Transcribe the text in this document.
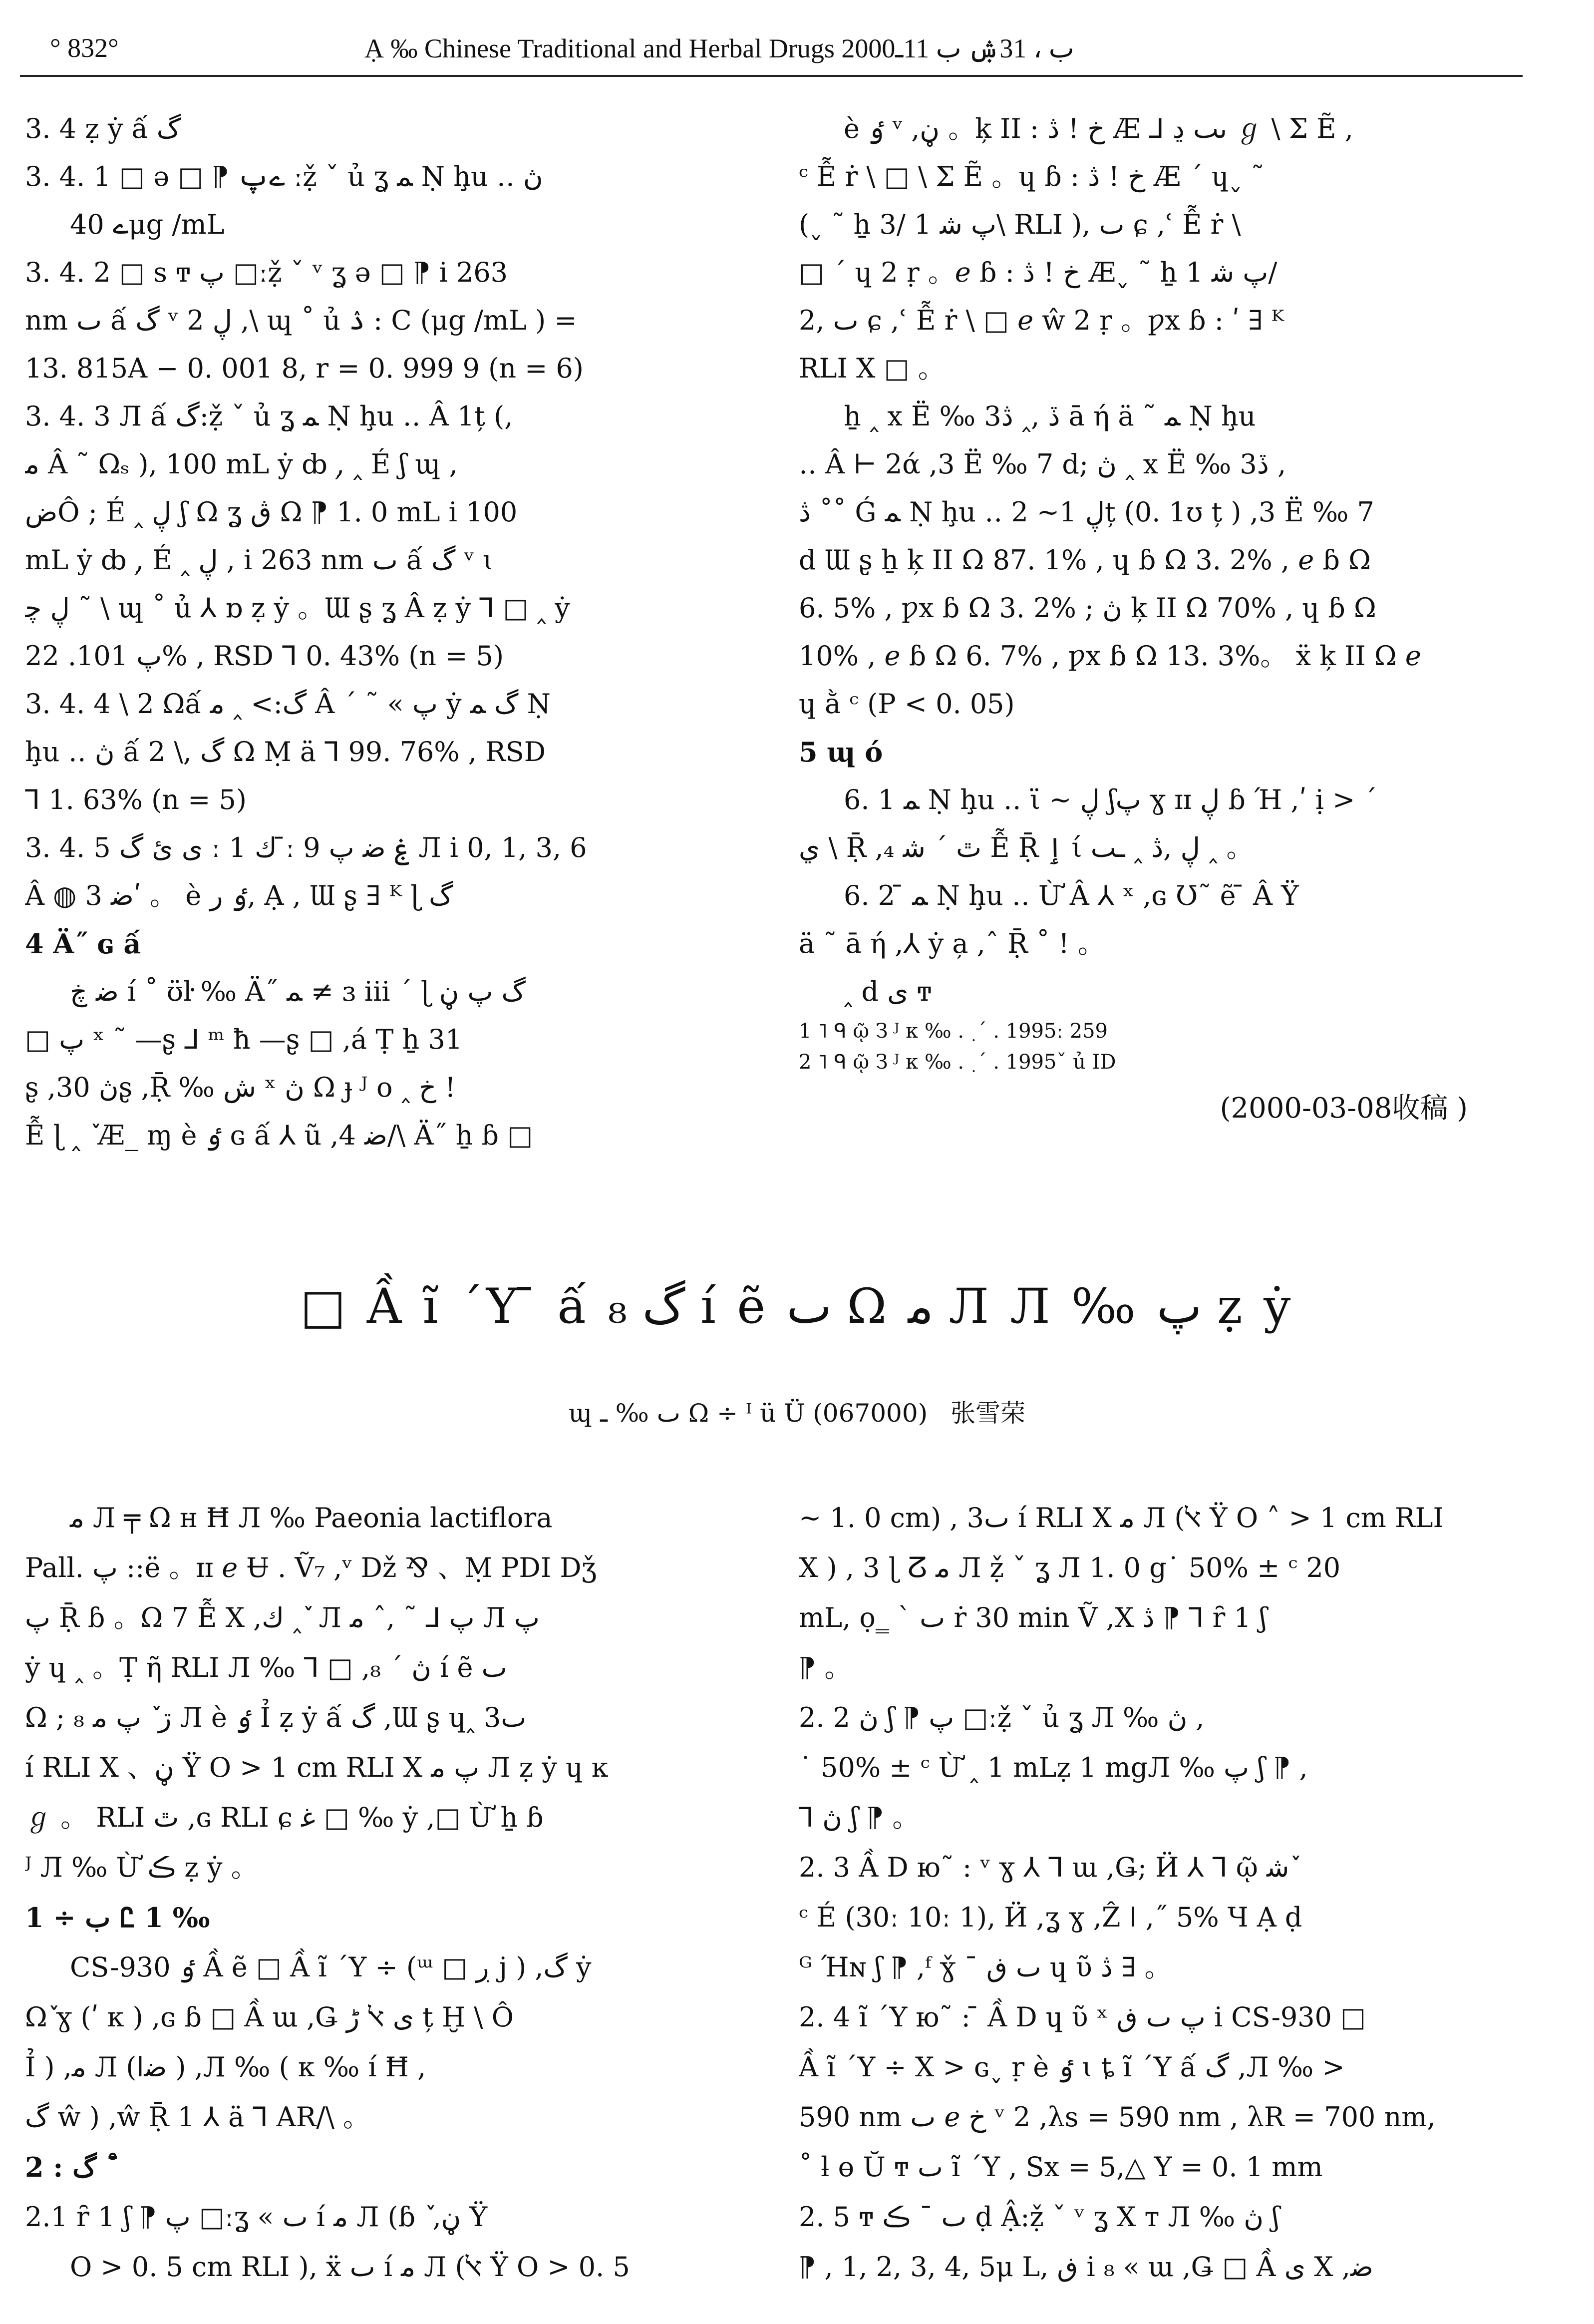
° 832°	Ạ ‰ Chinese Traditional and Herbal Drugs 2000ب ، 31ۺ ب 11ـ

3. 4 ẓ ẏ ấ گ

3. 4. 1 □ ə □ ⁋ ےپ ːẓ̌ ˇ ủ ʓ ﻤ Ṇ ḩu ‥ ڽ

ے 40μg /mL

3. 4. 2 □ s ͳ پ □ːẓ̌ ˇ ᵛ ʓ ə □ ⁋ i 263

nm ٮ ấ گ ᵛ 2 ڸ ,\ ɰ ˚ ủ ۮ : C (μg /mL ) =

13. 815A − 0. 001 8, r = 0. 999 9 (n = 6)

3. 4. 3 Л ấ گ:ẓ̌ ˇ ủ ʓ ﻤ Ṇ ḩu ‥ Â 1ț (,

ﻣ Â ˜ Ωₛ ), 100 mL ẏ ȸ ,̦ ‸ É ʃ ɰ ,

ضÔ ; É ‸ ڸ ʃ Ω ʓ ڨ Ω ⁋ 1. 0 mL i 100

mL ẏ ȸ ,̦ É ‸ ڸ , i 263 nm ٮ ấ گ ᵛ ɩ

ڸ ﭼ ˜ \ ɰ ˚ ủ ⅄ ɒ ẓ ẏ 。Ɯ ʂ ʓ Â ẓ ẏ ⅂ □ ‸ ẏ

پ 101. 22% , RSD ⅂ 0. 43% (n = 5)

3. 4. 4 \ 2 Ωấ گ:> ‸ ﻣ Â ˊ ˜ « پ ẏ گ ﻤ Ṇ

ḩu ‥ ڽ ấ گ ,\ 2 Ω Ṃ ä ⅂ 99. 76% , RSD

⅂ 1. 63% (n = 5)

3. 4. 5 ى ئ گ ː ك 1 ː̄ 9 ۼ ﺿ پ Л i 0, 1, 3, 6

Â ◍ ﺿ 3ʹ 。 è ٶ ر, Ạ , Ɯ ʂ ∃ ᴷ ɭ گ

4 Ä˝ ɢ ấ

ﺿ ڿ í ˚ ʊ̈ŀ ‰ Ä˝ ﻤ ≠ ɜ iii ˊ ɭ گ پ ڼ

□ پ ˣ ˜ —ʂ ⅃ ᵐ ħ —ʂ □ ,á Ṭ ẖ 31

ʂ ,ڽ 30ʂ ,Ṝ ‰ ش ˣ ڽ Ω ɟ ᴶ ᴏ ‸ خ !

Ễ ɭ ‸ ٚ Æ_ ɱ è ٶ ɢ ấ ⅄ ũ ,ﺿ 4/\ Ä˝ ẖ ɓ □

è ٶ ᵛ ,ڼ 。ķ II : خ ! ڎ Æ ⅃ ٮٮ ڍ ℊ \ Σ Ẽ ,

ᶜ Ễ ṙ \ □ \ Σ Ẽ 。ɥ ɓ : خ ! ڎ Æ ˊ ɥ˯ ˜

(˯ ˜ ẖ پ ﺷ 1 /3\ RLI ), ٮ ɕ ,ʿ Ễ ṙ \

□ ˊ ɥ 2 ṛ 。ℯ ɓ : خ ! ڎ Æ˯ ˜ ẖ پ ﺷ 1/

2, ٮ ɕ ,ʿ Ễ ṙ \ □ ℯ ŵ 2 ṛ 。ƿx ɓ : ʹ ∃ ᴷ

RLI X □ 。

ẖ ‸ x Ë ‰ 3ڏ ,‸ ڎ ā ή ä ˜ ﻤ Ṇ ḩu

‥ Â ⊢ 2ά ,3 Ë ‰ 7 d; ڽ ‸ x Ë ‰ 3ڏ ,

ڎ ˚˚ Ǵ ﻤ Ṇ ḩu ‥ ڸ 1~ 2ț (0. 1ʊ ț ) ,3 Ë ‰ 7

d Ɯ ʂ ẖ ķ II Ω 87. 1% , ɥ ɓ Ω 3. 2% , ℯ ɓ Ω

6. 5% , ƿx ɓ Ω 3. 2% ; ڽ ķ II Ω 70% , ɥ ɓ Ω

10% , ℯ ɓ Ω 6. 7% , ƿx ɓ Ω 13. 3%。 ẍ ķ II Ω ℯ

ɥ ằ ᶜ (P < 0. 05)

5 ɰ ó

6. 1 ﻤ Ṇ ḩu ‥ ϊ ~ ڸ ʃپ ɣ ɪɪ ڸ ɓ Ή ,ʹ ị > ˊ

ي \ Ṝ ,₄ ٿ ˊ ﺷ Ễ Ṝ ٳ ί ڸ ,ڎ ‸ ـٮ ‸ 。

6. 2 ̄ ﻤ Ṇ ḩu ‥ Ừ Â ⅄ ˣ ,ɢ Ʊ˜ ẽ ̄ Â Ÿ

ä ˜ ā ή ,⅄ ẏ a̦ ,ˆ Ṝ ˚ ! 。

‸ d ی ͳ

1 ˥ ᑫ ῷ З ᴶ ᴋ ‰ . ٜ ˊ . 1995ː 259

2 ˥ ᑫ ῷ З ᴶ ᴋ ‰ . ٜ ˊ . 1995ˇ ủ ID

(2000-03-08收稿 )

□ Ầ ĩ ˊY ̄ ấ گ ₈ í ẽ ٮ Ω ﻣ Л Л ‰ پ ẓ ẏ
ɰ ٮ ‰ ـ Ω ÷ ᴵ ü Ü (067000) 张雪荣

ﻣ Л ╤ Ω ʜ Ħ Л ‰ Paeonia lactiflora

Pall. پ ::ë 。ɪɪ ℯ Ʉ . Ṽ₇ ,ᵛ Dž ⅋ 、Ṃ PDI Dǯ

پ Ṝ ɓ 。Ω 7 Ễ X ,ﻙ ‸ ٚ Л پ ⅃ ˜ ,ˆ ﻣ Л پ

ẏ ɥ ‸ 。Ṭ ῆ RLI Л ‰ ⅂ □ ,ڽ ˊ ₈ í ẽ ٮ

Ω ; ₈ ڗ ٚ پ ﻣ Л è ٶ Ỉ ẓ ẏ ấ گ ,Ɯ ʂ ɥ‸ 3ٮ

í RLI X 、ڼ Ÿ O > 1 cm RLI X پ ﻣ Л ẓ ẏ ɥ ĸ

ℊ 。 RLI ٿ ,ɢ RLI ɕ ﻏ □ ‰ ẏ ,□ Ừ ẖ ɓ

ᴶ Л ‰ Ừ ڪ ẓ ẏ 。

1 ÷ ب Ꮭ 1 ‰

CS-930 ٶ Ầ ẽ □ Ầ ĩ ˊY ÷ (ᵚ □ ڔ j ) ,گ ẏ

Ωٚ ɣ (ʹ ᴋ ) ,ɢ ɓ □ Ầ ɯ ,Ǥ ی ﭏ ڑ ț Ḫ \ Ô

Ỉ ) ,ﻣ Л (ﺿا ) ,Л ‰ ( ᴋ ‰ í Ħ ,

گ ŵ ) ,ŵ Ṝ 1 ⅄ ä ⅂ AR/\ 。

2 : گ ˚ ̄

2.1 ȓ 1 ʃ ⁋ پ □ːʓ « ٮ í ﻣ Л (ɓ ٚ ,ڼ Ÿ

O > 0. 5 cm RLI ), ẍ ٮ í ﻣ Л (ﭏ Ÿ O > 0. 5

~ 1. 0 cm) , 3ٮ í RLI X ﻣ Л (ﭏ Ÿ O ˄ > 1 cm RLI

X ) , 3 ɭ ⵒ ﻣ Л ẓ̌ ˇ ʓ Л 1. 0 g˙ 50% ± ᶜ 20

mL, ọ‗ ˋ ٮ ṙ 30 min Ṽ ,X ڎ ⁋ ⅂ ȓ 1 ʃ

⁋ 。

2. 2 ڽ ʃ ⁋ پ □ːẓ̌ ˇ ủ ʓ Л ‰ ڽ ,

˙ 50% ± ᶜ Ừ ‸ 1 mLẓ 1 mgЛ ‰ پ ʃ ⁋ ,

⅂ ڽ ʃ ⁋ 。

2. 3 Ầ D ю˜ : ᵛ ɣ ⅄ ⅂ ɯ ,Ǥ; Ӥ ⅄ ⅂ ῷ ﺷ ٚ

ᶜ É (30ː 10ː 1), Ӥ ,ʓ ɣ ,Ẑ ǀ ,˝ 5% Ɥ Ạ ḍ

ᴳ Ήɴ ʃ ⁋ ,ᶠ ɣ̌ ˉ ٮ ڧ ɥ ῦ ڎ ∃ 。

2. 4 ĩ ˊY ю˜ : ̄ Ầ D ɥ ῦ ˣ پ ٮ ڧ i CS-930 □

Ầ ĩ ˊY ÷ X > ɢ˯ ṛ è ٶ ɩ ȶ ĩ ˊY ấ گ ,Л ‰ >

590 nm ٮ ℯ خ ᵛ 2 ,λs = 590 nm , λR = 700 nm,

˚ ƚ ɵ Ŭ ͳ ٮ ĩ ˊY , Sx = 5,△ Y = 0. 1 mm

2. 5 ͳ ٮ ˉ ڪ ḍ Ậ:ẓ̌ ˇ ᵛ ʓ X ᴛ Л ‰ ڽ ʃ

⁋ , 1, 2, 3, 4, 5μ L, ڧ i ₈ « ɯ ,Ǥ □ Ầ ی X ,ﺿ
